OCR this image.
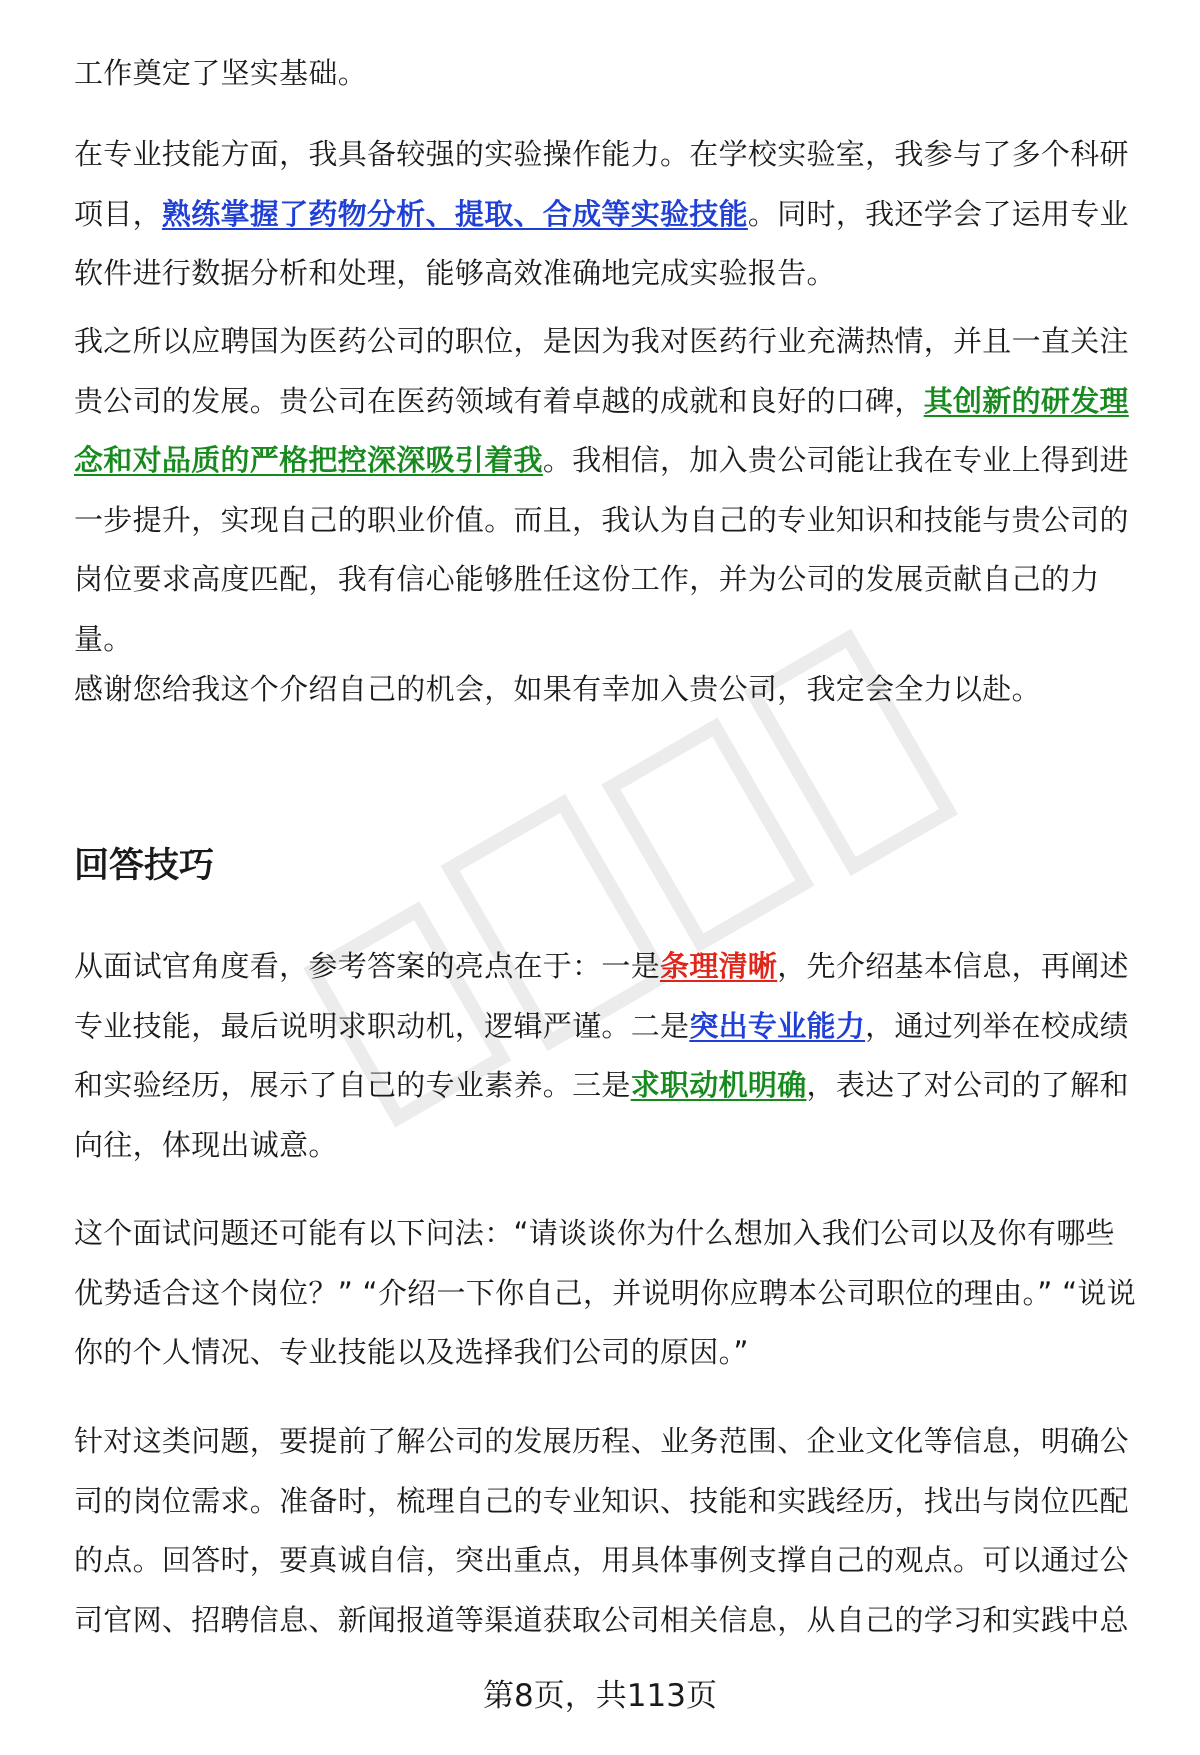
工作奠定了坚实基础。

在专业技能方面，我具备较强的实验操作能力。在学校实验室，我参与了多个科研项目，熟练掌握了药物分析、提取、合成等实验技能。同时，我还学会了运用专业软件进行数据分析和处理，能够高效准确地完成实验报告。

我之所以应聘国为医药公司的职位，是因为我对医药行业充满热情，并且一直关注贵公司的发展。贵公司在医药领域有着卓越的成就和良好的口碑，其创新的研发理念和对品质的严格把控深深吸引着我。我相信，加入贵公司能让我在专业上得到进一步提升，实现自己的职业价值。而且，我认为自己的专业知识和技能与贵公司的岗位要求高度匹配，我有信心能够胜任这份工作，并为公司的发展贡献自己的力量。

感谢您给我这个介绍自己的机会，如果有幸加入贵公司，我定会全力以赴。

回答技巧

从面试官角度看，参考答案的亮点在于：一是条理清晰，先介绍基本信息，再阐述专业技能，最后说明求职动机，逻辑严谨。二是突出专业能力，通过列举在校成绩和实验经历，展示了自己的专业素养。三是求职动机明确，表达了对公司的了解和向往，体现出诚意。

这个面试问题还可能有以下问法：“请谈谈你为什么想加入我们公司以及你有哪些优势适合这个岗位？” “介绍一下你自己，并说明你应聘本公司职位的理由。” “说说你的个人情况、专业技能以及选择我们公司的原因。”

针对这类问题，要提前了解公司的发展历程、业务范围、企业文化等信息，明确公司的岗位需求。准备时，梳理自己的专业知识、技能和实践经历，找出与岗位匹配的点。回答时，要真诚自信，突出重点，用具体事例支撑自己的观点。可以通过公司官网、招聘信息、新闻报道等渠道获取公司相关信息，从自己的学习和实践中总

第8页，共113页
